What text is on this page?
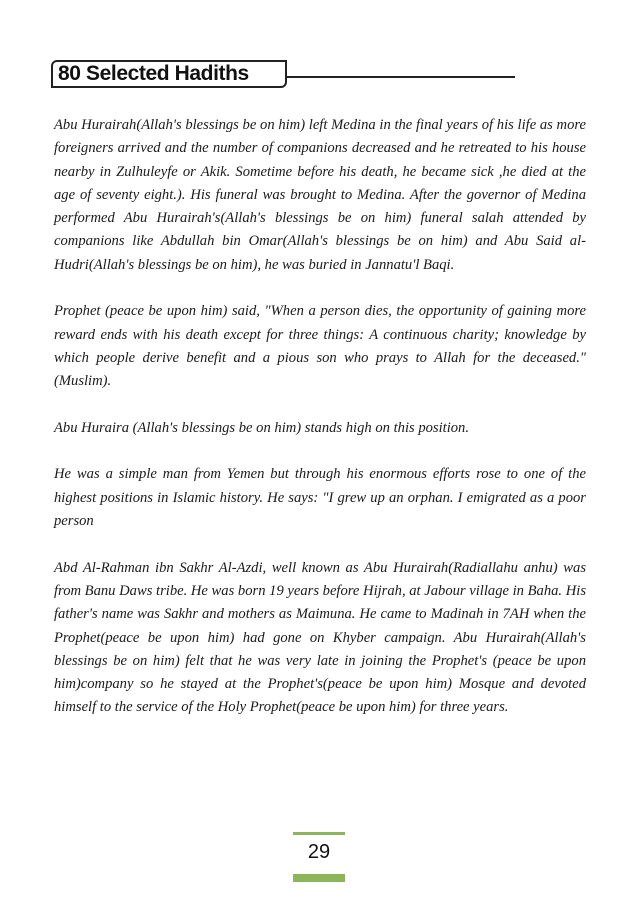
80 Selected Hadiths

Abu Hurairah(Allah's blessings be on him) left Medina in the final years of his life as more foreigners arrived and the number of companions decreased and he retreated to his house nearby in Zulhuleyfe or Akik. Sometime before his death, he became sick ,he died at the age of seventy eight.). His funeral was brought to Medina. After the governor of Medina performed Abu Hurairah's(Allah's blessings be on him) funeral salah attended by companions like Abdullah bin Omar(Allah's blessings be on him) and Abu Said al-Hudri(Allah's blessings be on him), he was buried in Jannatu'l Baqi.

Prophet (peace be upon him) said, "When a person dies, the opportunity of gaining more reward ends with his death except for three things: A continuous charity; knowledge by which people derive benefit and a pious son who prays to Allah for the deceased."(Muslim).

Abu Huraira (Allah's blessings be on him) stands high on this position.

He was a simple man from Yemen but through his enormous efforts rose to one of the highest positions in Islamic history. He says: "I grew up an orphan. I emigrated as a poor person

Abd Al-Rahman ibn Sakhr Al-Azdi, well known as Abu Hurairah(Radiallahu anhu) was from Banu Daws tribe. He was born 19 years before Hijrah, at Jabour village in Baha. His father's name was Sakhr and mothers as Maimuna. He came to Madinah in 7AH when the Prophet(peace be upon him) had gone on Khyber campaign. Abu Hurairah(Allah's blessings be on him) felt that he was very late in joining the Prophet's (peace be upon him)company so he stayed at the Prophet's(peace be upon him) Mosque and devoted himself to the service of the Holy Prophet(peace be upon him) for three years.

29
